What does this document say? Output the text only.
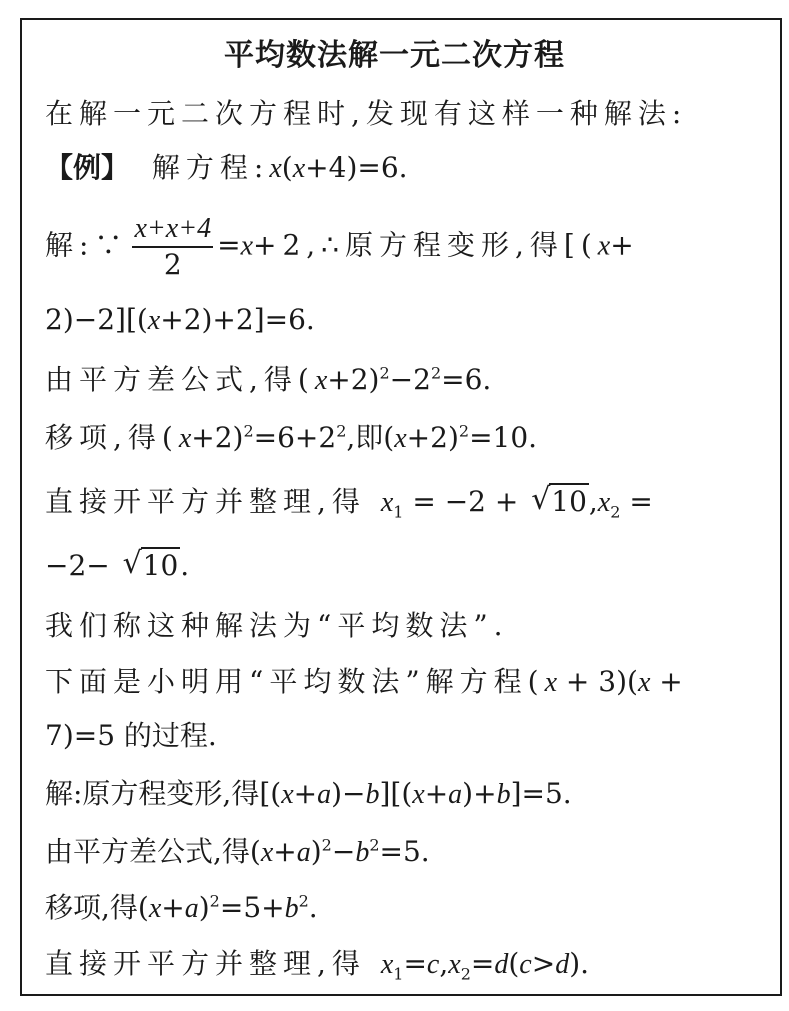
平均数法解一元二次方程
在解一元二次方程时,发现有这样一种解法:
【例】 解方程:x(x+4)=6.
解:∵ $\frac{x+x+4}{2}$ =x+2,∴原方程变形,得[(x+
2)−2][(x+2)+2]=6.
由平方差公式,得$(x+2)^2-2^2=6$.
移项,得$(x+2)^2=6+2^2$,即$(x+2)^2=10$.
直接开平方并整理,得 $x_1 = -2$ + √ $10,x_2$ =
−2− √ 10.
我们称这种解法为“平均数法”.
下面是小明用“平均数法”解方程(x + 3)(x +
7)=5 的过程.
解:原方程变形,得[(x+a)−b][(x+a)+b]=5.
由平方差公式,得$(x+a)^2-b^2=5$.
移项,得$(x+a)^2=5+b^2$.
直接开平方并整理,得 $x_1=c,x_2=d(c>d)$.
